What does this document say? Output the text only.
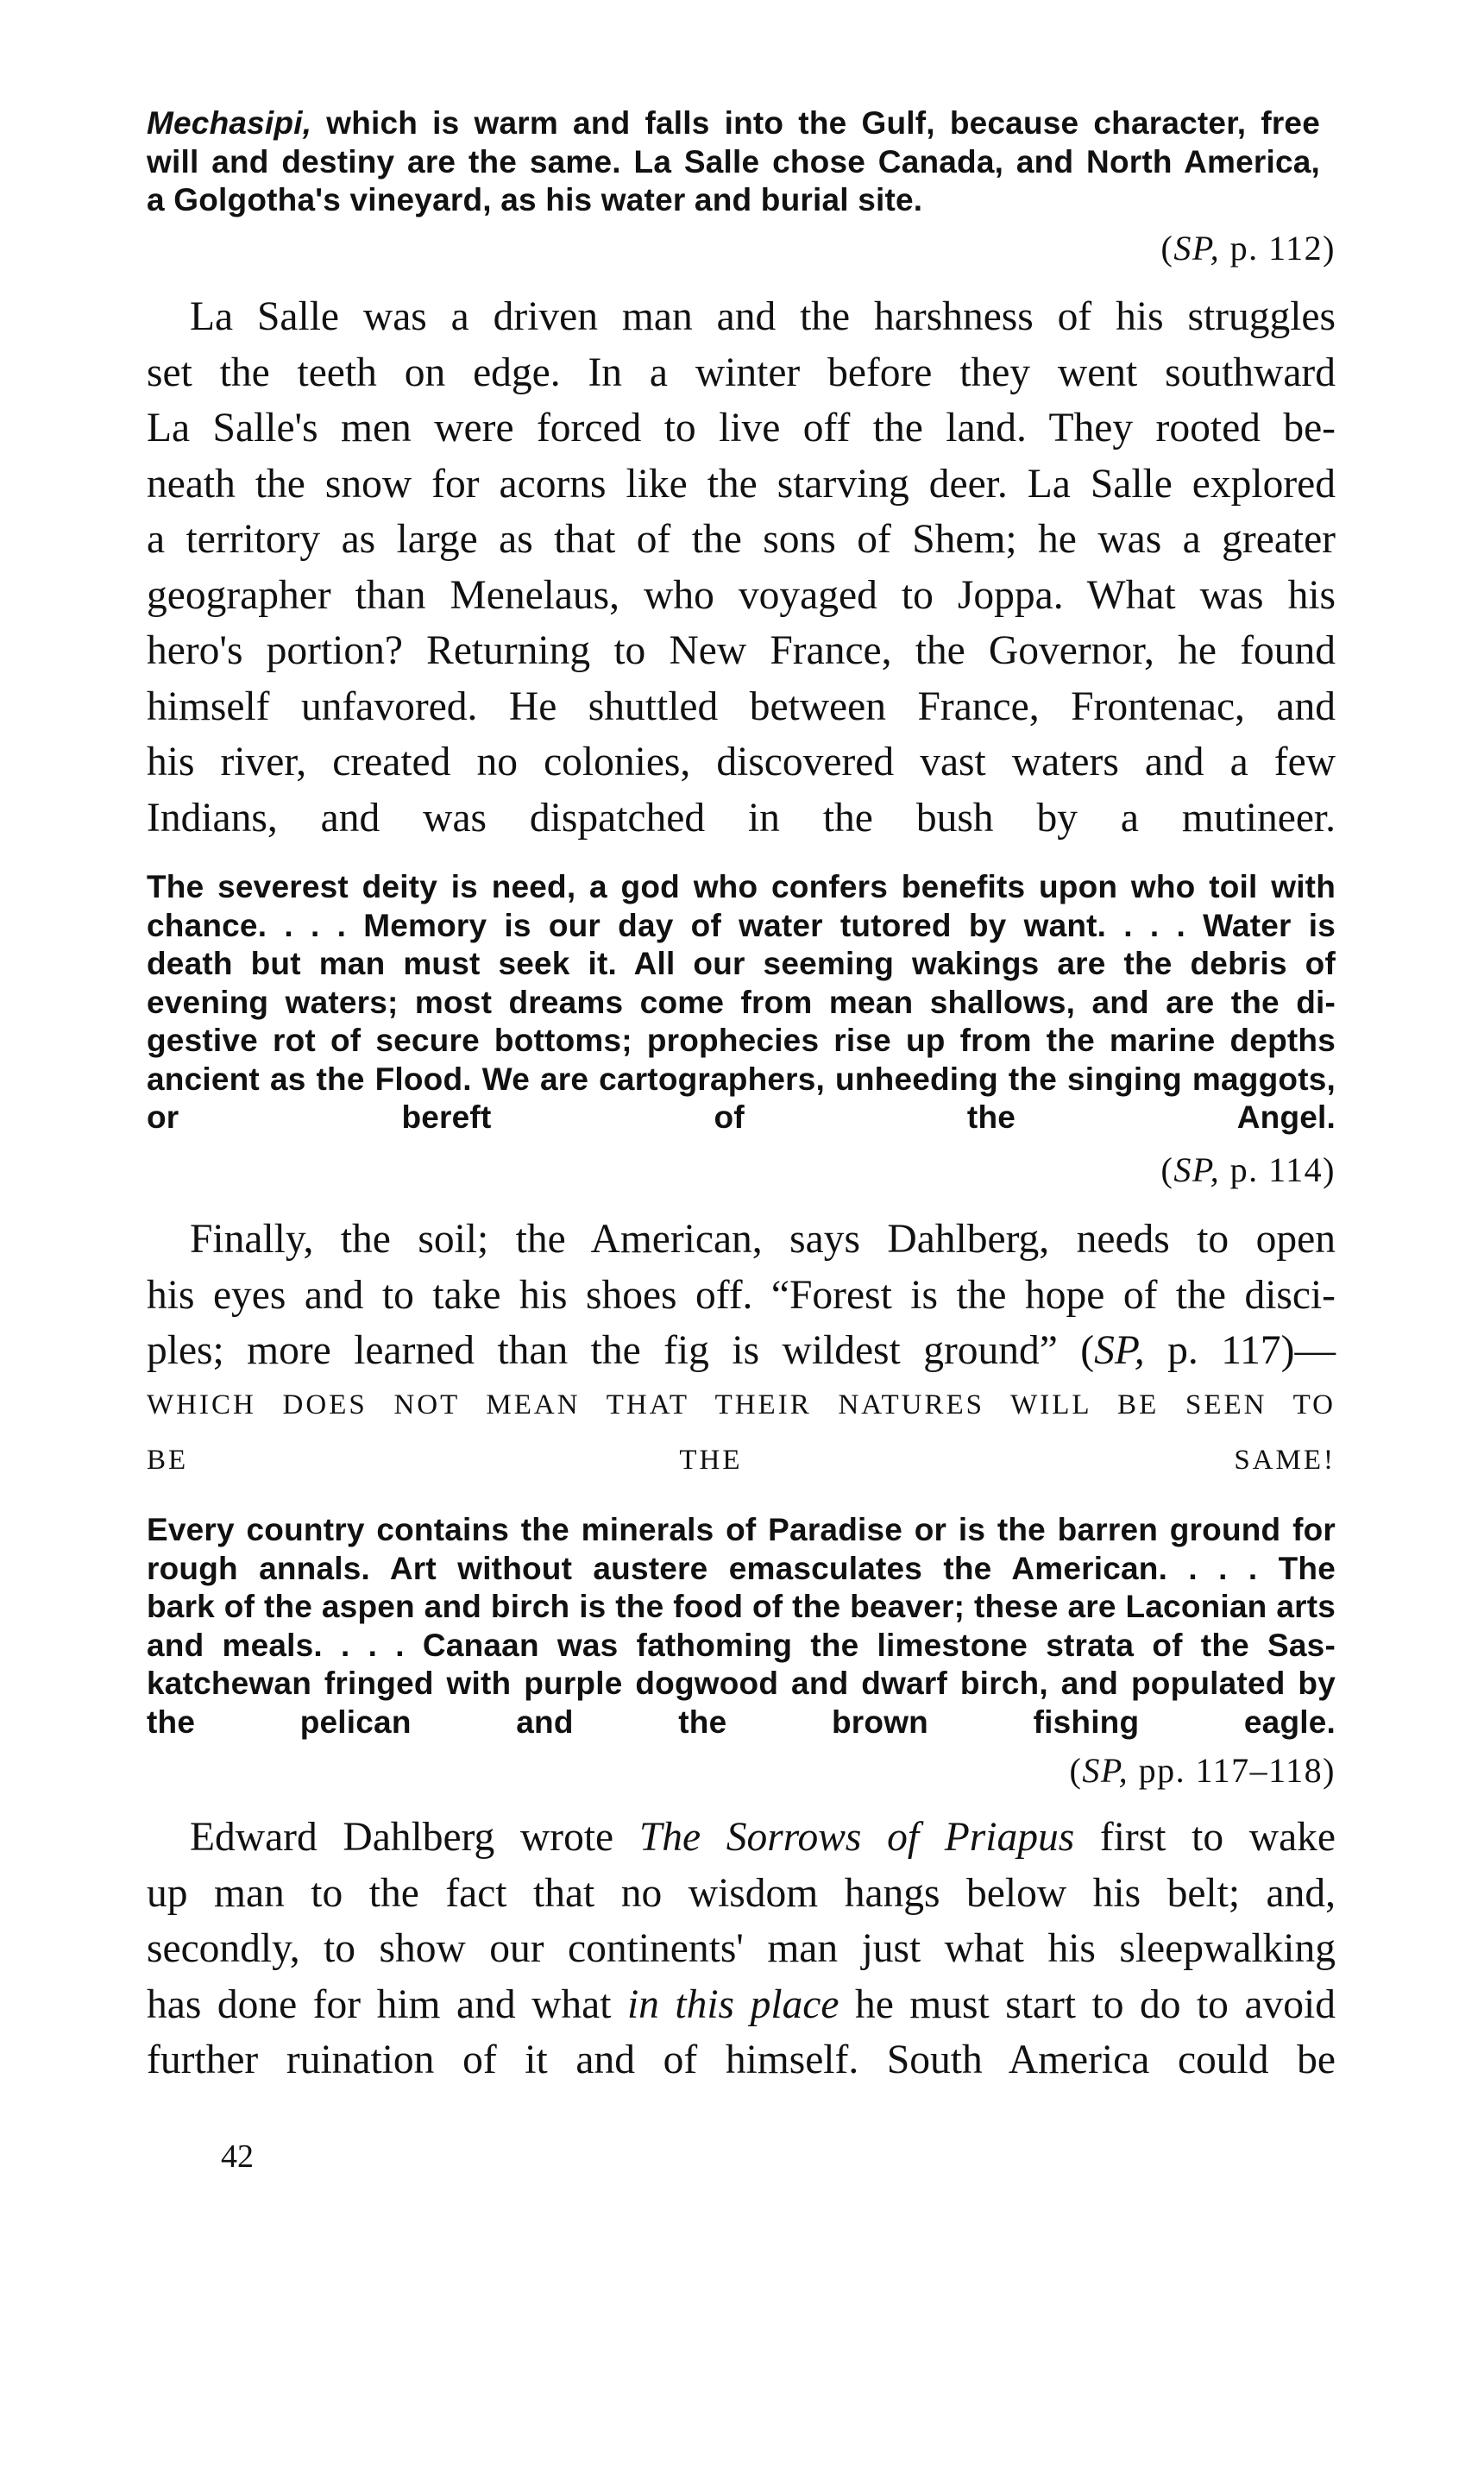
Mechasipi, which is warm and falls into the Gulf, because character, free
will and destiny are the same. La Salle chose Canada, and North America,
a Golgotha's vineyard, as his water and burial site.
(SP, p. 112)
La Salle was a driven man and the harshness of his struggles
set the teeth on edge. In a winter before they went southward
La Salle's men were forced to live off the land. They rooted be-
neath the snow for acorns like the starving deer. La Salle explored
a territory as large as that of the sons of Shem; he was a greater
geographer than Menelaus, who voyaged to Joppa. What was his
hero's portion? Returning to New France, the Governor, he found
himself unfavored. He shuttled between France, Frontenac, and
his river, created no colonies, discovered vast waters and a few
Indians, and was dispatched in the bush by a mutineer.
The severest deity is need, a god who confers benefits upon who toil with
chance. . . . Memory is our day of water tutored by want. . . . Water is
death but man must seek it. All our seeming wakings are the debris of
evening waters; most dreams come from mean shallows, and are the di-
gestive rot of secure bottoms; prophecies rise up from the marine depths
ancient as the Flood. We are cartographers, unheeding the singing maggots,
or bereft of the Angel.
(SP, p. 114)
Finally, the soil; the American, says Dahlberg, needs to open
his eyes and to take his shoes off. “Forest is the hope of the disci-
ples; more learned than the fig is wildest ground” (SP, p. 117)—
WHICH DOES NOT MEAN THAT THEIR NATURES WILL BE SEEN TO
BE THE SAME!
Every country contains the minerals of Paradise or is the barren ground for
rough annals. Art without austere emasculates the American. . . . The
bark of the aspen and birch is the food of the beaver; these are Laconian arts
and meals. . . . Canaan was fathoming the limestone strata of the Sas-
katchewan fringed with purple dogwood and dwarf birch, and populated by
the pelican and the brown fishing eagle.
(SP, pp. 117–118)
Edward Dahlberg wrote The Sorrows of Priapus first to wake
up man to the fact that no wisdom hangs below his belt; and,
secondly, to show our continents' man just what his sleepwalking
has done for him and what in this place he must start to do to avoid
further ruination of it and of himself. South America could be
42
